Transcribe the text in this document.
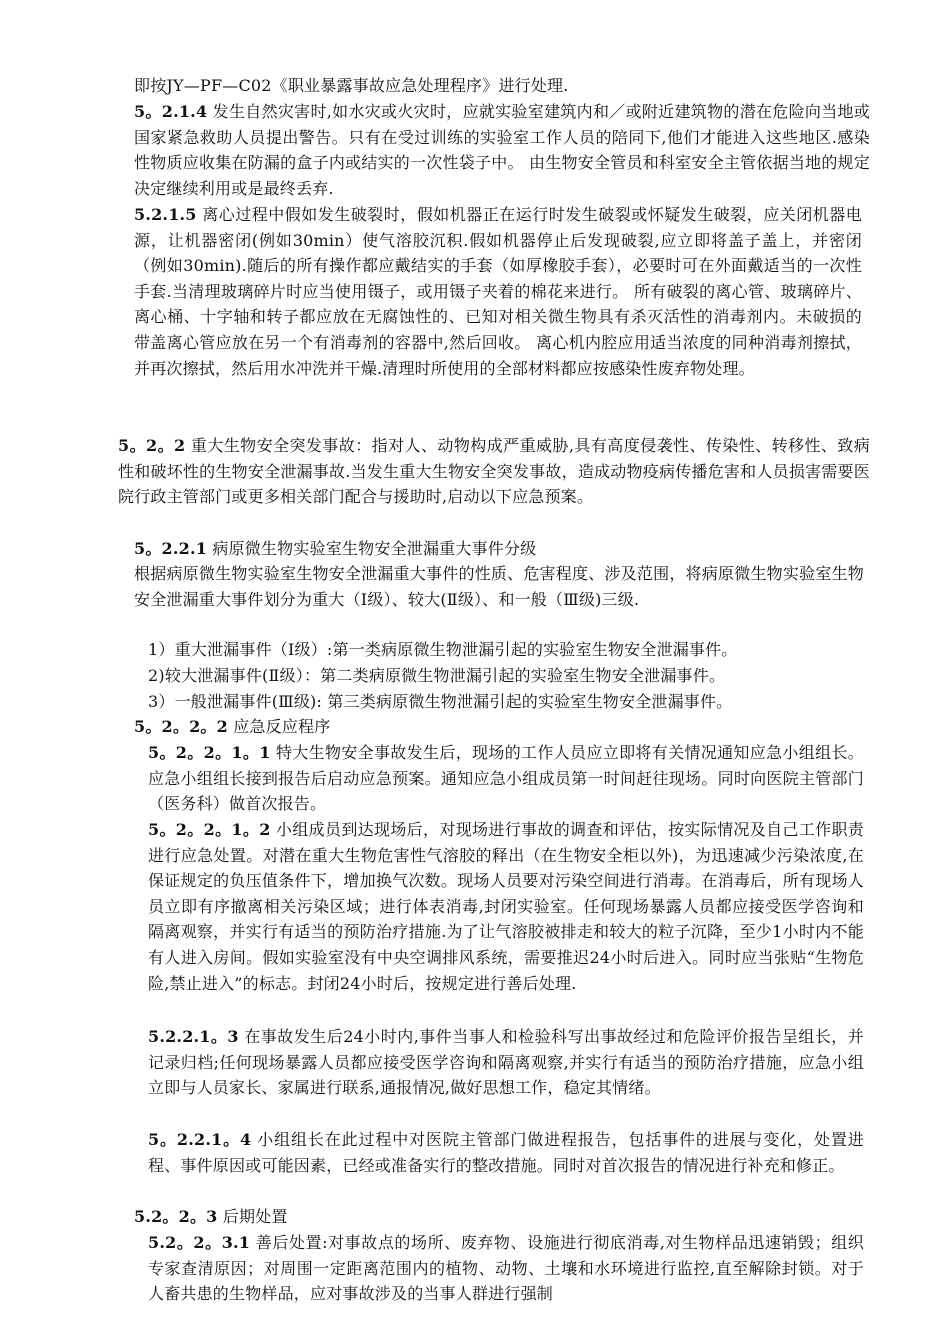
即按JY—PF—C02《职业暴露事故应急处理程序》进行处理.

5。2.1.4 发生自然灾害时,如水灾或火灾时，应就实验室建筑内和／或附近建筑物的潜在危险向当地或国家紧急救助人员提出警告。只有在受过训练的实验室工作人员的陪同下,他们才能进入这些地区.感染性物质应收集在防漏的盒子内或结实的一次性袋子中。 由生物安全管员和科室安全主管依据当地的规定决定继续利用或是最终丢弃.

5.2.1.5 离心过程中假如发生破裂时，假如机器正在运行时发生破裂或怀疑发生破裂，应关闭机器电源，让机器密闭(例如30min）使气溶胶沉积.假如机器停止后发现破裂,应立即将盖子盖上，并密闭（例如30min).随后的所有操作都应戴结实的手套（如厚橡胶手套），必要时可在外面戴适当的一次性手套.当清理玻璃碎片时应当使用镊子，或用镊子夹着的棉花来进行。 所有破裂的离心管、玻璃碎片、离心桶、十字轴和转子都应放在无腐蚀性的、已知对相关微生物具有杀灭活性的消毒剂内。未破损的带盖离心管应放在另一个有消毒剂的容器中,然后回收。 离心机内腔应用适当浓度的同种消毒剂擦拭，并再次擦拭，然后用水冲洗并干燥.清理时所使用的全部材料都应按感染性废弃物处理。

5。2。2 重大生物安全突发事故：指对人、动物构成严重威胁,具有高度侵袭性、传染性、转移性、致病性和破坏性的生物安全泄漏事故.当发生重大生物安全突发事故，造成动物疫病传播危害和人员损害需要医院行政主管部门或更多相关部门配合与援助时,启动以下应急预案。

5。2.2.1 病原微生物实验室生物安全泄漏重大事件分级

根据病原微生物实验室生物安全泄漏重大事件的性质、危害程度、涉及范围，将病原微生物实验室生物安全泄漏重大事件划分为重大（Ⅰ级）、较大(Ⅱ级）、和一般（Ⅲ级)三级.

1）重大泄漏事件（Ⅰ级）:第一类病原微生物泄漏引起的实验室生物安全泄漏事件。

2)较大泄漏事件(Ⅱ级）：第二类病原微生物泄漏引起的实验室生物安全泄漏事件。

3）一般泄漏事件(Ⅲ级): 第三类病原微生物泄漏引起的实验室生物安全泄漏事件。

5。2。2。2 应急反应程序

5。2。2。1。1 特大生物安全事故发生后，现场的工作人员应立即将有关情况通知应急小组组长。应急小组组长接到报告后启动应急预案。通知应急小组成员第一时间赶往现场。同时向医院主管部门（医务科）做首次报告。

5。2。2。1。2 小组成员到达现场后，对现场进行事故的调查和评估，按实际情况及自己工作职责进行应急处置。对潜在重大生物危害性气溶胶的释出（在生物安全柜以外)，为迅速减少污染浓度,在保证规定的负压值条件下，增加换气次数。现场人员要对污染空间进行消毒。在消毒后，所有现场人员立即有序撤离相关污染区域；进行体表消毒,封闭实验室。任何现场暴露人员都应接受医学咨询和隔离观察，并实行有适当的预防治疗措施.为了让气溶胶被排走和较大的粒子沉降，至少1小时内不能有人进入房间。假如实验室没有中央空调排风系统，需要推迟24小时后进入。同时应当张贴“生物危险,禁止进入”的标志。封闭24小时后，按规定进行善后处理.

5.2.2.1。3 在事故发生后24小时内,事件当事人和检验科写出事故经过和危险评价报告呈组长，并记录归档;任何现场暴露人员都应接受医学咨询和隔离观察,并实行有适当的预防治疗措施，应急小组立即与人员家长、家属进行联系,通报情况,做好思想工作，稳定其情绪。

5。2.2.1。4 小组组长在此过程中对医院主管部门做进程报告，包括事件的进展与变化，处置进程、事件原因或可能因素，已经或准备实行的整改措施。同时对首次报告的情况进行补充和修正。

5.2。2。3 后期处置

5.2。2。3.1 善后处置:对事故点的场所、废弃物、设施进行彻底消毒,对生物样品迅速销毁；组织专家查清原因；对周围一定距离范围内的植物、动物、土壤和水环境进行监控,直至解除封锁。对于人畜共患的生物样品，应对事故涉及的当事人群进行强制
